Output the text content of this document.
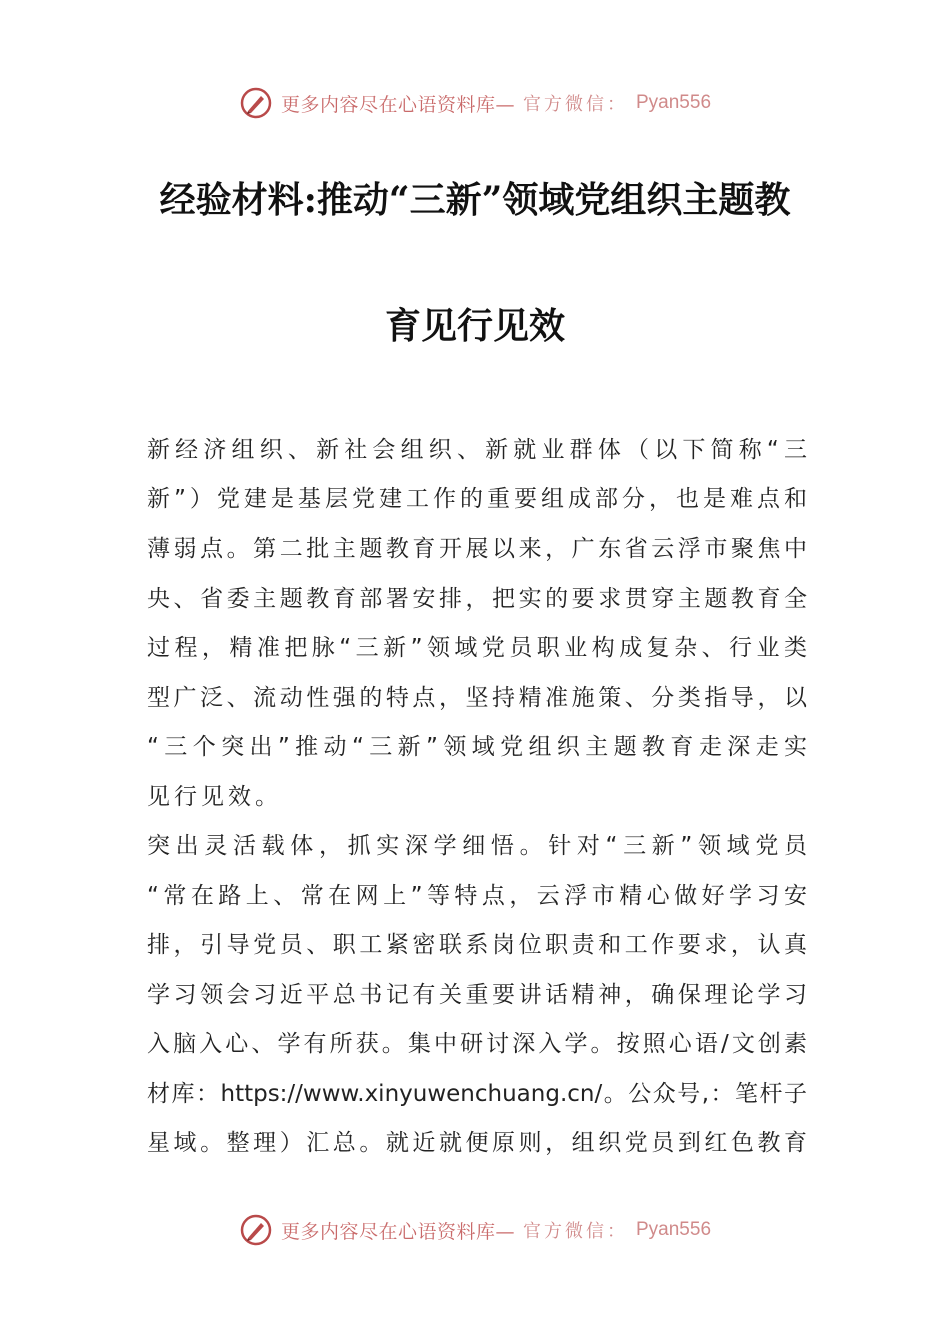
更多内容尽在心语资料库— 官方微信： Pyan556
经验材料:推动“三新”领域党组织主题教
育见行见效
新经济组织、新社会组织、新就业群体（以下简称“三
新”）党建是基层党建工作的重要组成部分，也是难点和
薄弱点。第二批主题教育开展以来，广东省云浮市聚焦中
央、省委主题教育部署安排，把实的要求贯穿主题教育全
过程，精准把脉“三新”领域党员职业构成复杂、行业类
型广泛、流动性强的特点，坚持精准施策、分类指导，以
“三个突出”推动“三新”领域党组织主题教育走深走实
见行见效。
突出灵活载体，抓实深学细悟。针对“三新”领域党员
“常在路上、常在网上”等特点，云浮市精心做好学习安
排，引导党员、职工紧密联系岗位职责和工作要求，认真
学习领会习近平总书记有关重要讲话精神，确保理论学习
入脑入心、学有所获。集中研讨深入学。按照心语/文创素
材库：https://www.xinyuwenchuang.cn/。公众号,：笔杆子
星域。整理）汇总。就近就便原则，组织党员到红色教育
更多内容尽在心语资料库— 官方微信： Pyan556
